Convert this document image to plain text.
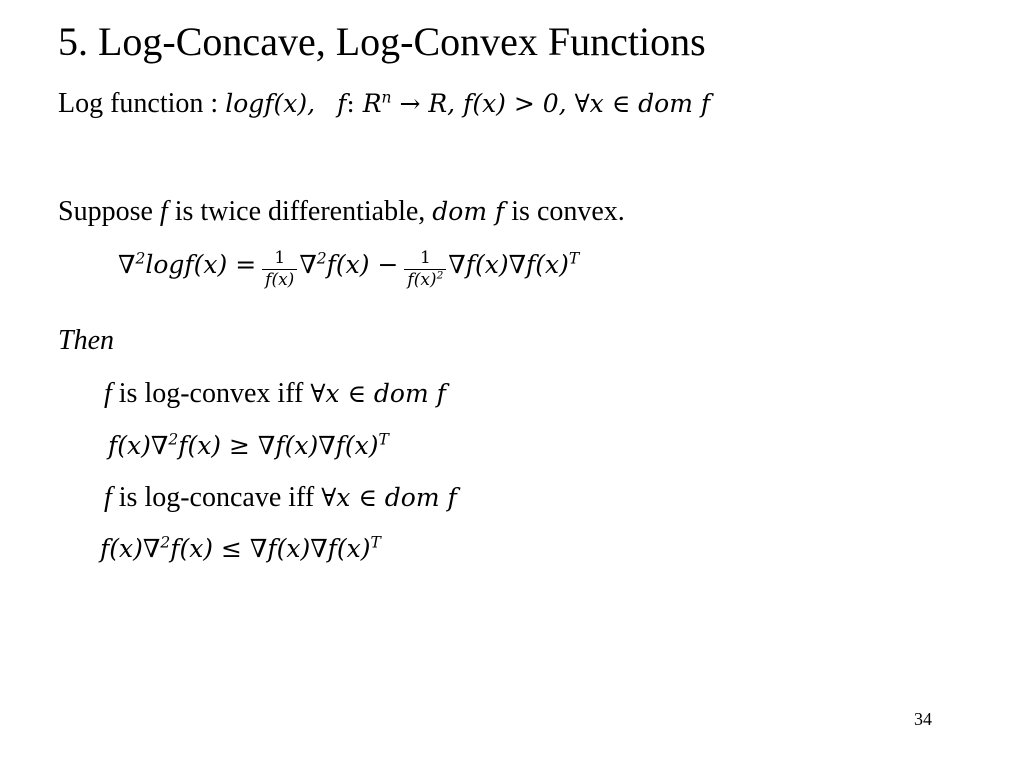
5. Log-Concave, Log-Convex Functions
Log function : logf(x), f: $R^n \to R$, f(x) > 0, ∀x ∈ dom f
Suppose f is twice differentiable, dom f is convex.
$\nabla^2\log f(x) = \frac{1}{f(x)} \nabla^2f(x) - \frac{1}{f(x)^2} \nabla f(x)\nabla f(x)^T$
Then
f is log-convex iff ∀x ∈ dom f
$f(x)\nabla^2f(x) \ge \nabla f(x)\nabla f(x)^T$
f is log-concave iff ∀x ∈ dom f
$f(x)\nabla^2f(x) \le \nabla f(x)\nabla f(x)^T$
34
